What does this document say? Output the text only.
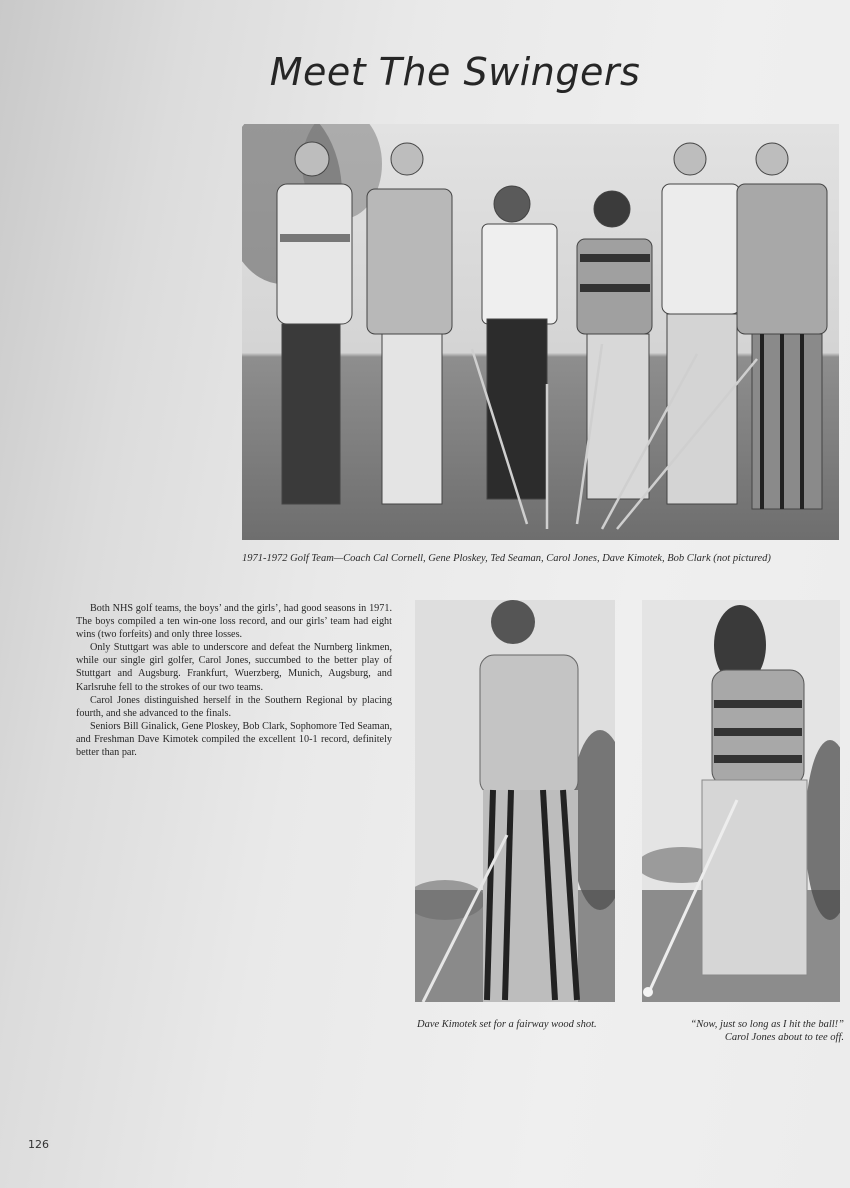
Meet The Swingers
1971-1972 Golf Team—Coach Cal Cornell, Gene Ploskey, Ted Seaman, Carol Jones, Dave Kimotek, Bob Clark (not pictured)

Both NHS golf teams, the boys’ and the girls’, had good seasons in 1971. The boys compiled a ten win-one loss record, and our girls’ team had eight wins (two forfeits) and only three losses.

Only Stuttgart was able to underscore and defeat the Nurnberg linkmen, while our single girl golfer, Carol Jones, succumbed to the better play of Stuttgart and Augsburg. Frankfurt, Wuerzberg, Munich, Augsburg, and Karlsruhe fell to the strokes of our two teams.

Carol Jones distinguished herself in the Southern Regional by placing fourth, and she advanced to the finals.

Seniors Bill Ginalick, Gene Ploskey, Bob Clark, Sophomore Ted Seaman, and Freshman Dave Kimotek compiled the excellent 10-1 record, definitely better than par.

Dave Kimotek set for a fairway wood shot.	“Now, just so long as I hit the ball!”
Carol Jones about to tee off.
126
